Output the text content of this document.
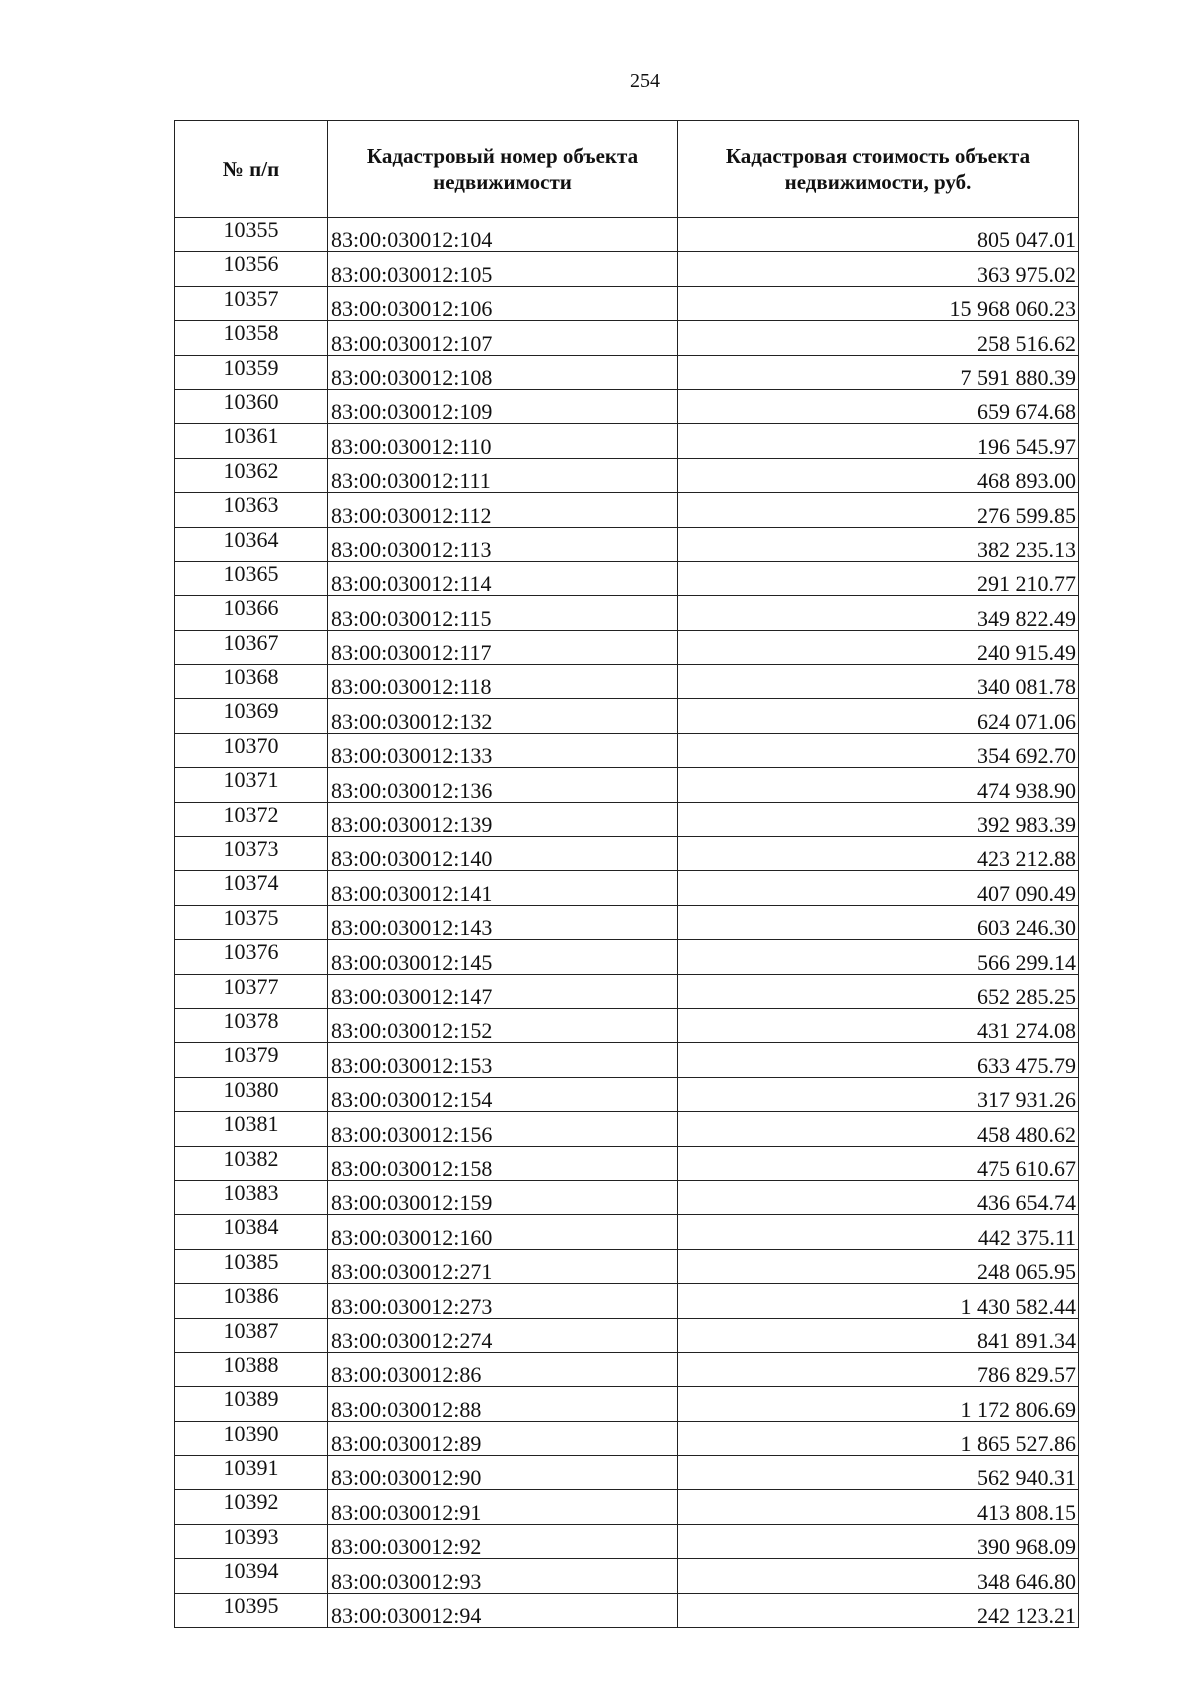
254
№ п/п	Кадастровый номер объекта недвижимости	Кадастровая стоимость объекта недвижимости, руб.
10355	83:00:030012:104	805 047.01
10356	83:00:030012:105	363 975.02
10357	83:00:030012:106	15 968 060.23
10358	83:00:030012:107	258 516.62
10359	83:00:030012:108	7 591 880.39
10360	83:00:030012:109	659 674.68
10361	83:00:030012:110	196 545.97
10362	83:00:030012:111	468 893.00
10363	83:00:030012:112	276 599.85
10364	83:00:030012:113	382 235.13
10365	83:00:030012:114	291 210.77
10366	83:00:030012:115	349 822.49
10367	83:00:030012:117	240 915.49
10368	83:00:030012:118	340 081.78
10369	83:00:030012:132	624 071.06
10370	83:00:030012:133	354 692.70
10371	83:00:030012:136	474 938.90
10372	83:00:030012:139	392 983.39
10373	83:00:030012:140	423 212.88
10374	83:00:030012:141	407 090.49
10375	83:00:030012:143	603 246.30
10376	83:00:030012:145	566 299.14
10377	83:00:030012:147	652 285.25
10378	83:00:030012:152	431 274.08
10379	83:00:030012:153	633 475.79
10380	83:00:030012:154	317 931.26
10381	83:00:030012:156	458 480.62
10382	83:00:030012:158	475 610.67
10383	83:00:030012:159	436 654.74
10384	83:00:030012:160	442 375.11
10385	83:00:030012:271	248 065.95
10386	83:00:030012:273	1 430 582.44
10387	83:00:030012:274	841 891.34
10388	83:00:030012:86	786 829.57
10389	83:00:030012:88	1 172 806.69
10390	83:00:030012:89	1 865 527.86
10391	83:00:030012:90	562 940.31
10392	83:00:030012:91	413 808.15
10393	83:00:030012:92	390 968.09
10394	83:00:030012:93	348 646.80
10395	83:00:030012:94	242 123.21
